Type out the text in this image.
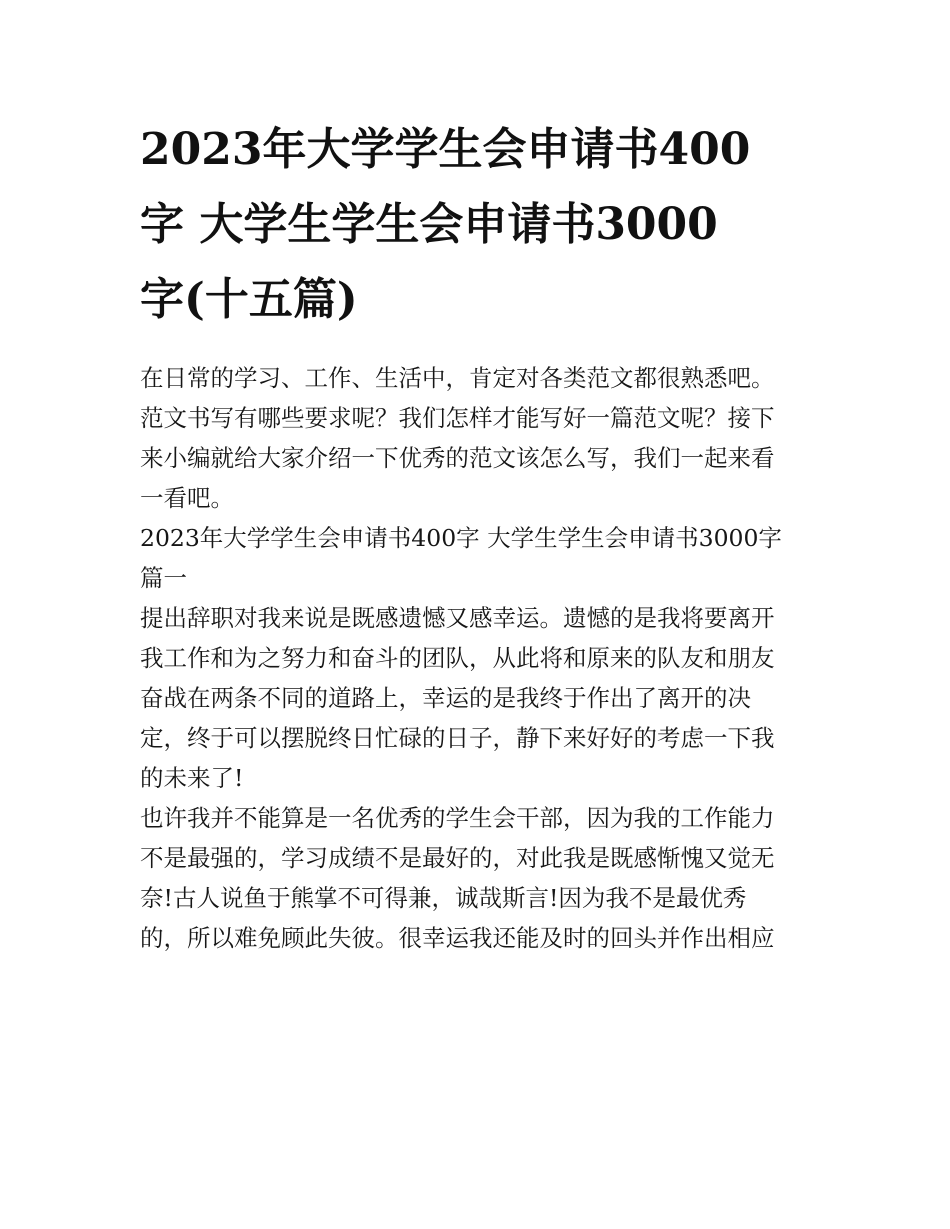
2023年大学学生会申请书400
字 大学生学生会申请书3000
字(十五篇)
在日常的学习、工作、生活中，肯定对各类范文都很熟悉吧。
范文书写有哪些要求呢？我们怎样才能写好一篇范文呢？接下
来小编就给大家介绍一下优秀的范文该怎么写，我们一起来看
一看吧。
2023年大学学生会申请书400字 大学生学生会申请书3000字
篇一
提出辞职对我来说是既感遗憾又感幸运。遗憾的是我将要离开
我工作和为之努力和奋斗的团队，从此将和原来的队友和朋友
奋战在两条不同的道路上，幸运的是我终于作出了离开的决
定，终于可以摆脱终日忙碌的日子，静下来好好的考虑一下我
的未来了!
也许我并不能算是一名优秀的学生会干部，因为我的工作能力
不是最强的，学习成绩不是最好的，对此我是既感惭愧又觉无
奈!古人说鱼于熊掌不可得兼，诚哉斯言!因为我不是最优秀
的，所以难免顾此失彼。很幸运我还能及时的回头并作出相应
